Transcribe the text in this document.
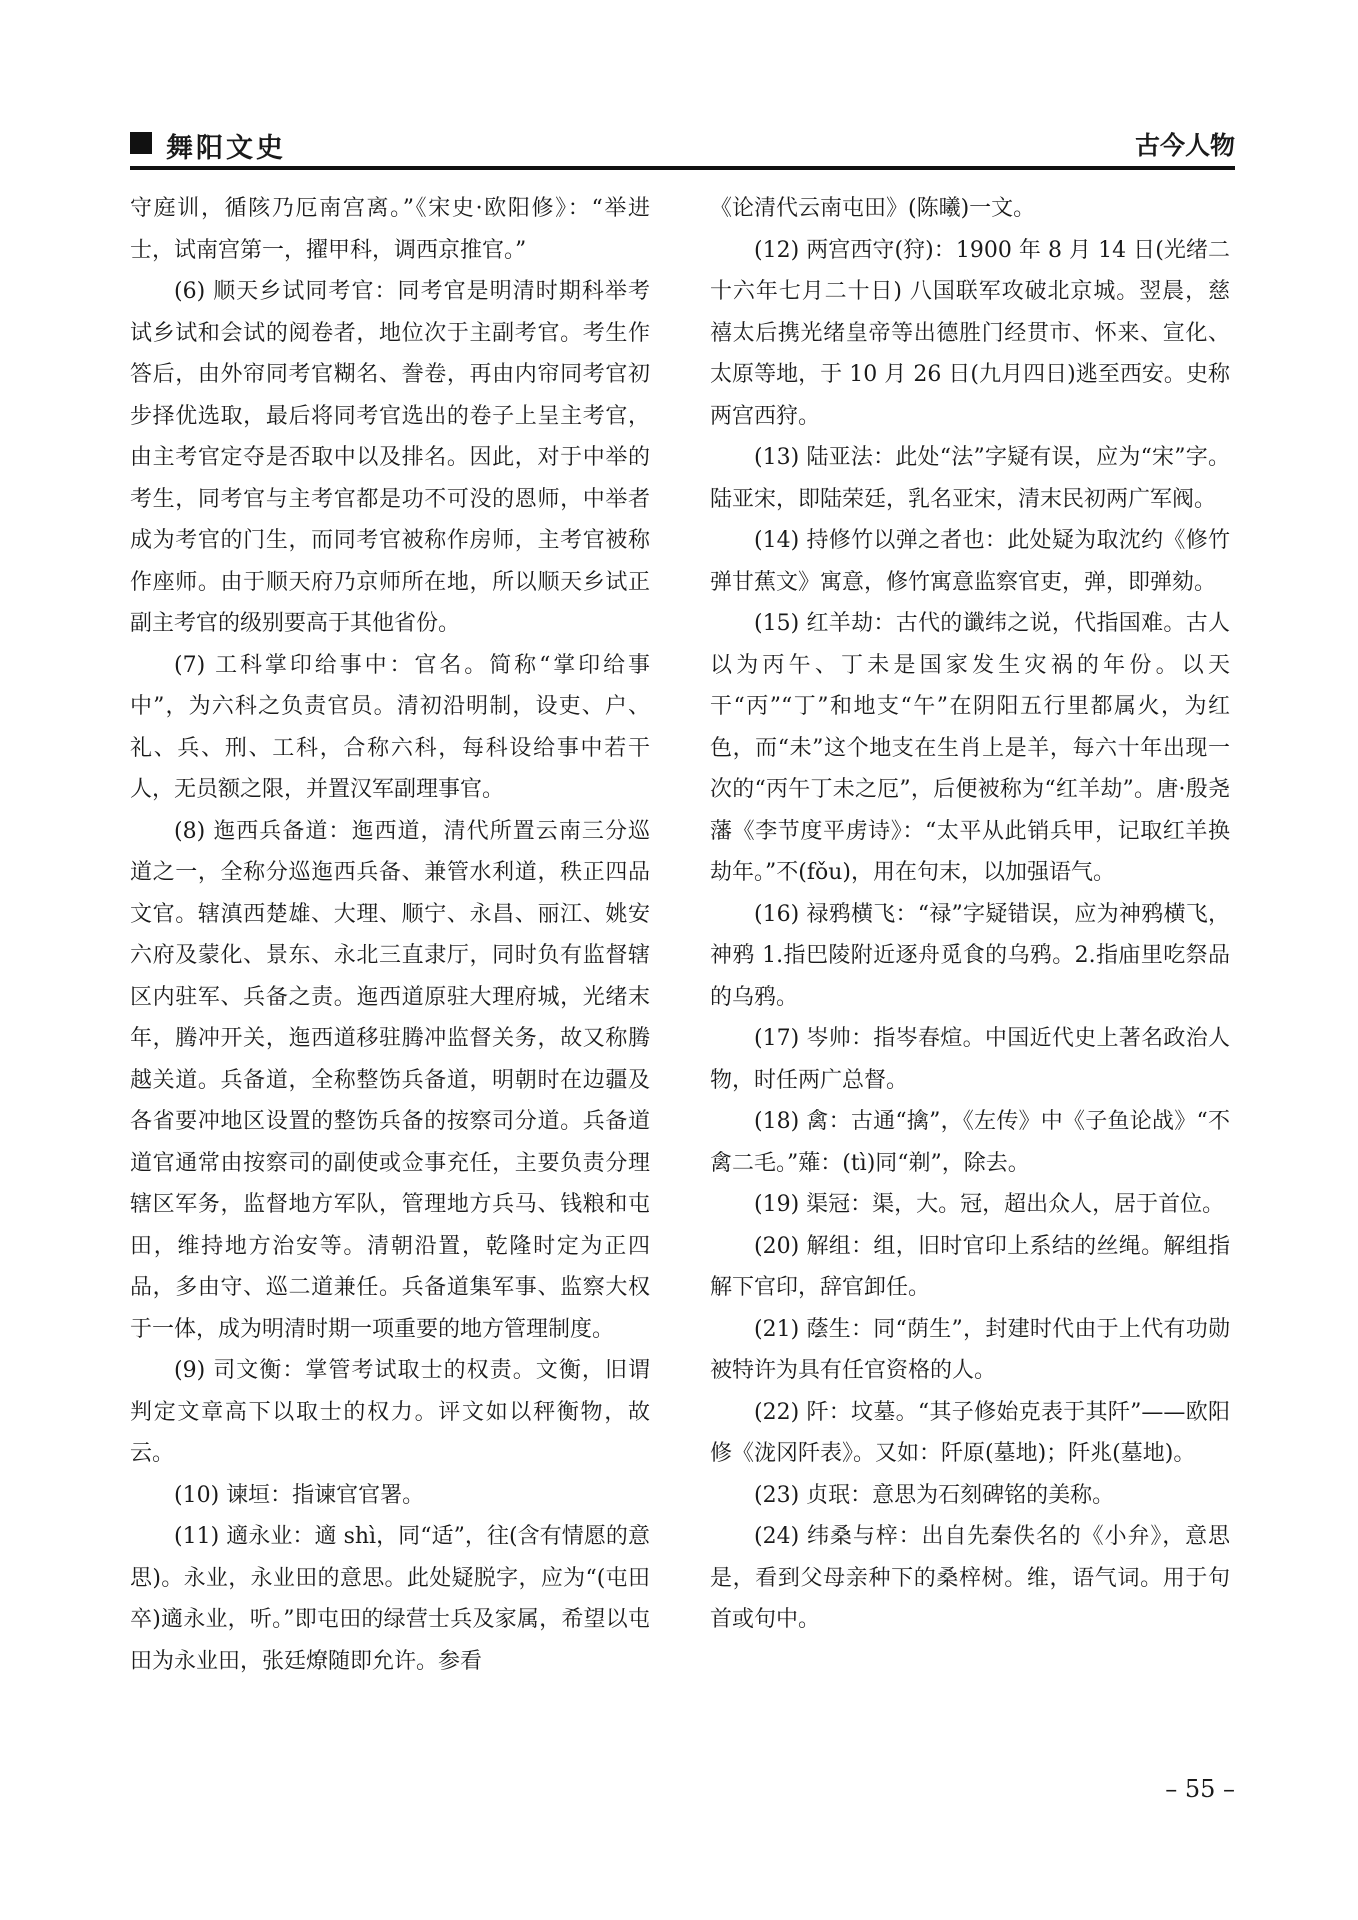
舞阳文史	古今人物

守庭训，循陔乃厄南宫离。”《宋史·欧阳修》：“举进士，试南宫第一，擢甲科，调西京推官。”

(6) 顺天乡试同考官：同考官是明清时期科举考试乡试和会试的阅卷者，地位次于主副考官。考生作答后，由外帘同考官糊名、誊卷，再由内帘同考官初步择优选取，最后将同考官选出的卷子上呈主考官，由主考官定夺是否取中以及排名。因此，对于中举的考生，同考官与主考官都是功不可没的恩师，中举者成为考官的门生，而同考官被称作房师，主考官被称作座师。由于顺天府乃京师所在地，所以顺天乡试正副主考官的级别要高于其他省份。

(7) 工科掌印给事中：官名。简称“掌印给事中”，为六科之负责官员。清初沿明制，设吏、户、礼、兵、刑、工科，合称六科，每科设给事中若干人，无员额之限，并置汉军副理事官。

(8) 迤西兵备道：迤西道，清代所置云南三分巡道之一，全称分巡迤西兵备、兼管水利道，秩正四品文官。辖滇西楚雄、大理、顺宁、永昌、丽江、姚安六府及蒙化、景东、永北三直隶厅，同时负有监督辖区内驻军、兵备之责。迤西道原驻大理府城，光绪末年，腾冲开关，迤西道移驻腾冲监督关务，故又称腾越关道。兵备道，全称整饬兵备道，明朝时在边疆及各省要冲地区设置的整饬兵备的按察司分道。兵备道道官通常由按察司的副使或佥事充任，主要负责分理辖区军务，监督地方军队，管理地方兵马、钱粮和屯田，维持地方治安等。清朝沿置，乾隆时定为正四品，多由守、巡二道兼任。兵备道集军事、监察大权于一体，成为明清时期一项重要的地方管理制度。

(9) 司文衡：掌管考试取士的权责。文衡，旧谓判定文章高下以取士的权力。评文如以秤衡物，故云。

(10) 谏垣：指谏官官署。

(11) 適永业：適 shì，同“适”，往(含有情愿的意思)。永业，永业田的意思。此处疑脱字，应为“(屯田卒)適永业，听。”即屯田的绿营士兵及家属，希望以屯田为永业田，张廷燎随即允许。参看

《论清代云南屯田》(陈曦)一文。

(12) 两宫西守(狩)：1900 年 8 月 14 日(光绪二十六年七月二十日) 八国联军攻破北京城。翌晨，慈禧太后携光绪皇帝等出德胜门经贯市、怀来、宣化、太原等地，于 10 月 26 日(九月四日)逃至西安。史称两宫西狩。

(13) 陆亚法：此处“法”字疑有误，应为“宋”字。陆亚宋，即陆荣廷，乳名亚宋，清末民初两广军阀。

(14) 持修竹以弹之者也：此处疑为取沈约《修竹弹甘蕉文》寓意，修竹寓意监察官吏，弹，即弹劾。

(15) 红羊劫：古代的谶纬之说，代指国难。古人以为丙午、丁未是国家发生灾祸的年份。以天干“丙”“丁”和地支“午”在阴阳五行里都属火，为红色，而“未”这个地支在生肖上是羊，每六十年出现一次的“丙午丁未之厄”，后便被称为“红羊劫”。唐·殷尧藩《李节度平虏诗》：“太平从此销兵甲，记取红羊换劫年。”不(fǒu)，用在句末，以加强语气。

(16) 禄鸦横飞：“禄”字疑错误，应为神鸦横飞，神鸦 1.指巴陵附近逐舟觅食的乌鸦。2.指庙里吃祭品的乌鸦。

(17) 岑帅：指岑春煊。中国近代史上著名政治人物，时任两广总督。

(18) 禽：古通“擒”，《左传》中《子鱼论战》“不禽二毛。”薙：(tì)同“剃”，除去。

(19) 渠冠：渠，大。冠，超出众人，居于首位。

(20) 解组：组，旧时官印上系结的丝绳。解组指解下官印，辞官卸任。

(21) 蔭生：同“荫生”，封建时代由于上代有功勋被特许为具有任官资格的人。

(22) 阡：坟墓。“其子修始克表于其阡”——欧阳修《泷冈阡表》。又如：阡原(墓地)；阡兆(墓地)。

(23) 贞珉：意思为石刻碑铭的美称。

(24) 纬桑与梓：出自先秦佚名的《小弁》，意思是，看到父母亲种下的桑梓树。维，语气词。用于句首或句中。

– 55 –
